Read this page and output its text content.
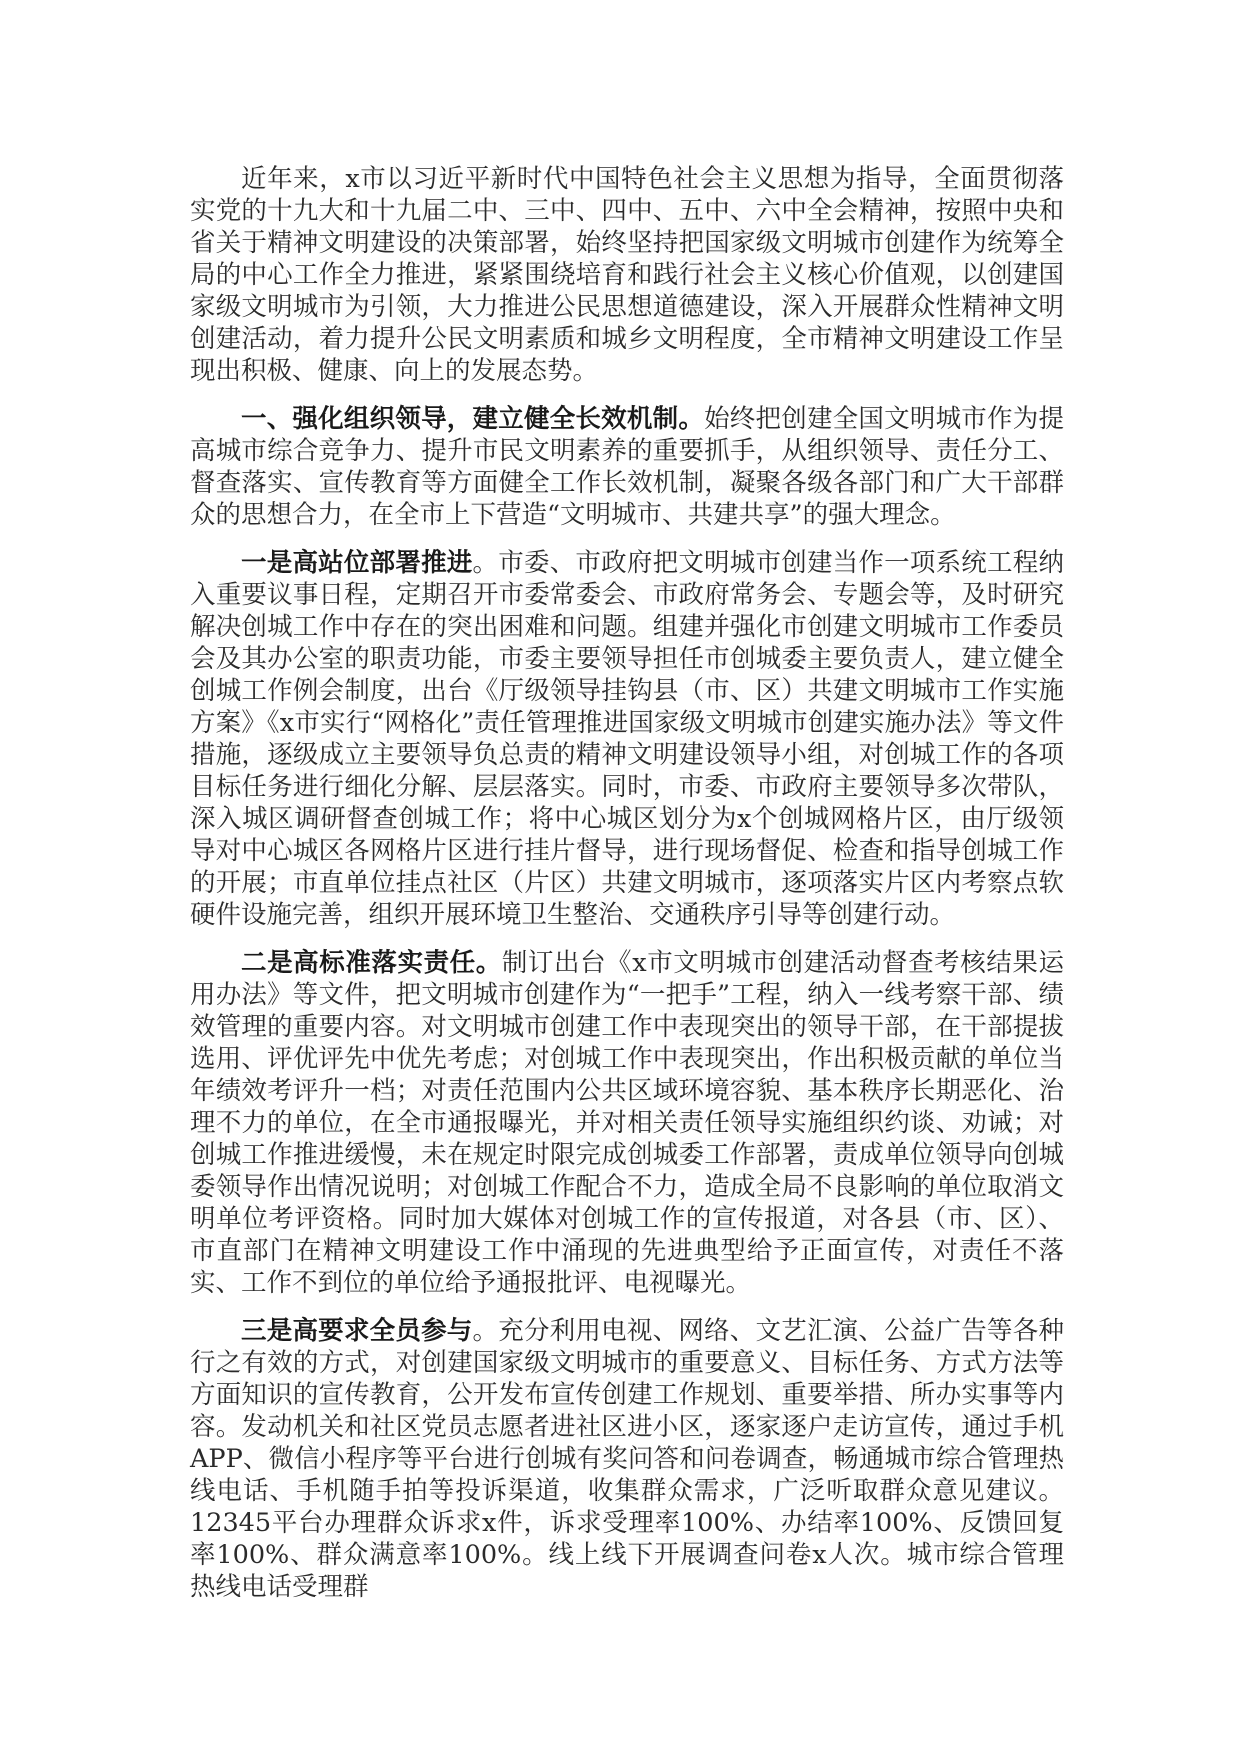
近年来，x市以习近平新时代中国特色社会主义思想为指导，全面贯彻落实党的十九大和十九届二中、三中、四中、五中、六中全会精神，按照中央和省关于精神文明建设的决策部署，始终坚持把国家级文明城市创建作为统筹全局的中心工作全力推进，紧紧围绕培育和践行社会主义核心价值观，以创建国家级文明城市为引领，大力推进公民思想道德建设，深入开展群众性精神文明创建活动，着力提升公民文明素质和城乡文明程度，全市精神文明建设工作呈现出积极、健康、向上的发展态势。

一、强化组织领导，建立健全长效机制。始终把创建全国文明城市作为提高城市综合竞争力、提升市民文明素养的重要抓手，从组织领导、责任分工、督查落实、宣传教育等方面健全工作长效机制，凝聚各级各部门和广大干部群众的思想合力，在全市上下营造“文明城市、共建共享”的强大理念。

一是高站位部署推进。市委、市政府把文明城市创建当作一项系统工程纳入重要议事日程，定期召开市委常委会、市政府常务会、专题会等，及时研究解决创城工作中存在的突出困难和问题。组建并强化市创建文明城市工作委员会及其办公室的职责功能，市委主要领导担任市创城委主要负责人，建立健全创城工作例会制度，出台《厅级领导挂钩县（市、区）共建文明城市工作实施方案》《x市实行“网格化”责任管理推进国家级文明城市创建实施办法》等文件措施，逐级成立主要领导负总责的精神文明建设领导小组，对创城工作的各项目标任务进行细化分解、层层落实。同时，市委、市政府主要领导多次带队，深入城区调研督查创城工作；将中心城区划分为x个创城网格片区，由厅级领导对中心城区各网格片区进行挂片督导，进行现场督促、检查和指导创城工作的开展；市直单位挂点社区（片区）共建文明城市，逐项落实片区内考察点软硬件设施完善，组织开展环境卫生整治、交通秩序引导等创建行动。

二是高标准落实责任。制订出台《x市文明城市创建活动督查考核结果运用办法》等文件，把文明城市创建作为“一把手”工程，纳入一线考察干部、绩效管理的重要内容。对文明城市创建工作中表现突出的领导干部，在干部提拔选用、评优评先中优先考虑；对创城工作中表现突出，作出积极贡献的单位当年绩效考评升一档；对责任范围内公共区域环境容貌、基本秩序长期恶化、治理不力的单位，在全市通报曝光，并对相关责任领导实施组织约谈、劝诫；对创城工作推进缓慢，未在规定时限完成创城委工作部署，责成单位领导向创城委领导作出情况说明；对创城工作配合不力，造成全局不良影响的单位取消文明单位考评资格。同时加大媒体对创城工作的宣传报道，对各县（市、区）、市直部门在精神文明建设工作中涌现的先进典型给予正面宣传，对责任不落实、工作不到位的单位给予通报批评、电视曝光。

三是高要求全员参与。充分利用电视、网络、文艺汇演、公益广告等各种行之有效的方式，对创建国家级文明城市的重要意义、目标任务、方式方法等方面知识的宣传教育，公开发布宣传创建工作规划、重要举措、所办实事等内容。发动机关和社区党员志愿者进社区进小区，逐家逐户走访宣传，通过手机APP、微信小程序等平台进行创城有奖问答和问卷调查，畅通城市综合管理热线电话、手机随手拍等投诉渠道，收集群众需求，广泛听取群众意见建议。12345平台办理群众诉求x件，诉求受理率100%、办结率100%、反馈回复率100%、群众满意率100%。线上线下开展调查问卷x人次。城市综合管理热线电话受理群
